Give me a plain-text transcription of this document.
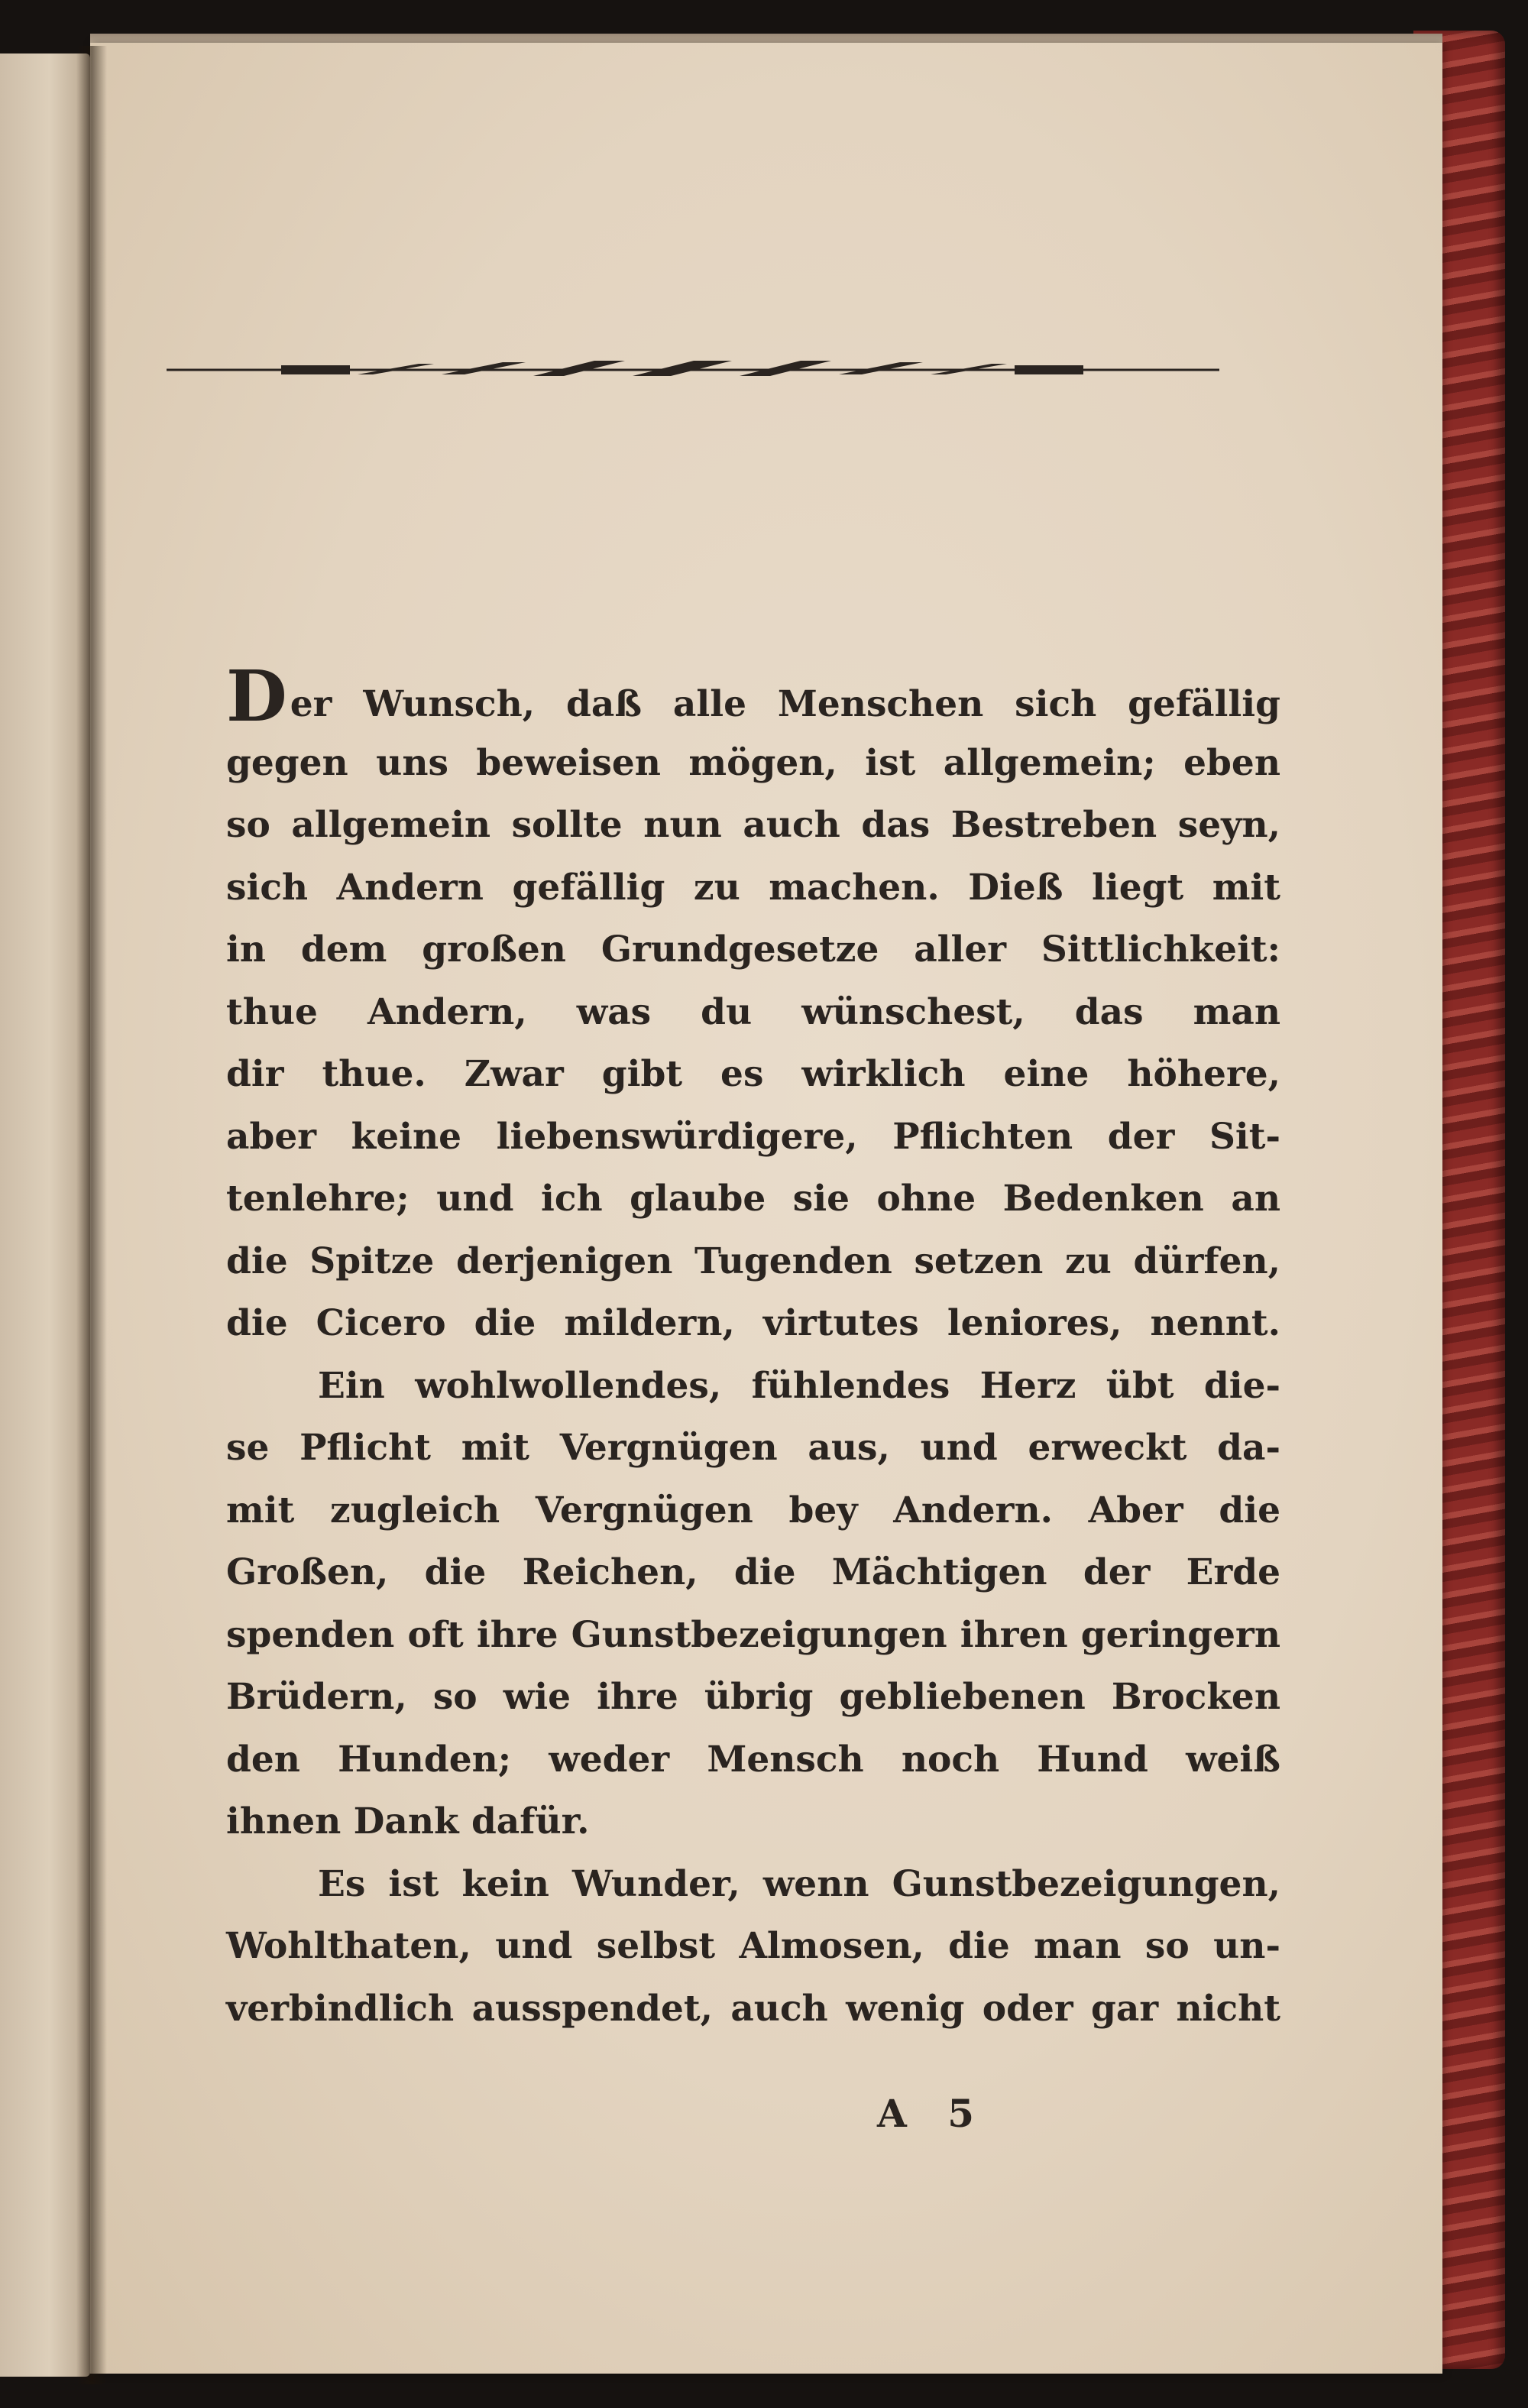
Der Wunsch, daß alle Menschen sich gefällig
gegen uns beweisen mögen, ist allgemein; eben
so allgemein sollte nun auch das Bestreben seyn,
sich Andern gefällig zu machen. Dieß liegt mit
in dem großen Grundgesetze aller Sittlichkeit:
thue Andern, was du wünschest, das man
dir thue. Zwar gibt es wirklich eine höhere,
aber keine liebenswürdigere, Pflichten der Sit-
tenlehre; und ich glaube sie ohne Bedenken an
die Spitze derjenigen Tugenden setzen zu dürfen,
die Cicero die mildern, virtutes leniores, nennt.
Ein wohlwollendes, fühlendes Herz übt die-
se Pflicht mit Vergnügen aus, und erweckt da-
mit zugleich Vergnügen bey Andern. Aber die
Großen, die Reichen, die Mächtigen der Erde
spenden oft ihre Gunstbezeigungen ihren geringern
Brüdern, so wie ihre übrig gebliebenen Brocken
den Hunden; weder Mensch noch Hund weiß
ihnen Dank dafür.
Es ist kein Wunder, wenn Gunstbezeigungen,
Wohlthaten, und selbst Almosen, die man so un-
verbindlich ausspendet, auch wenig oder gar nicht
A 5
